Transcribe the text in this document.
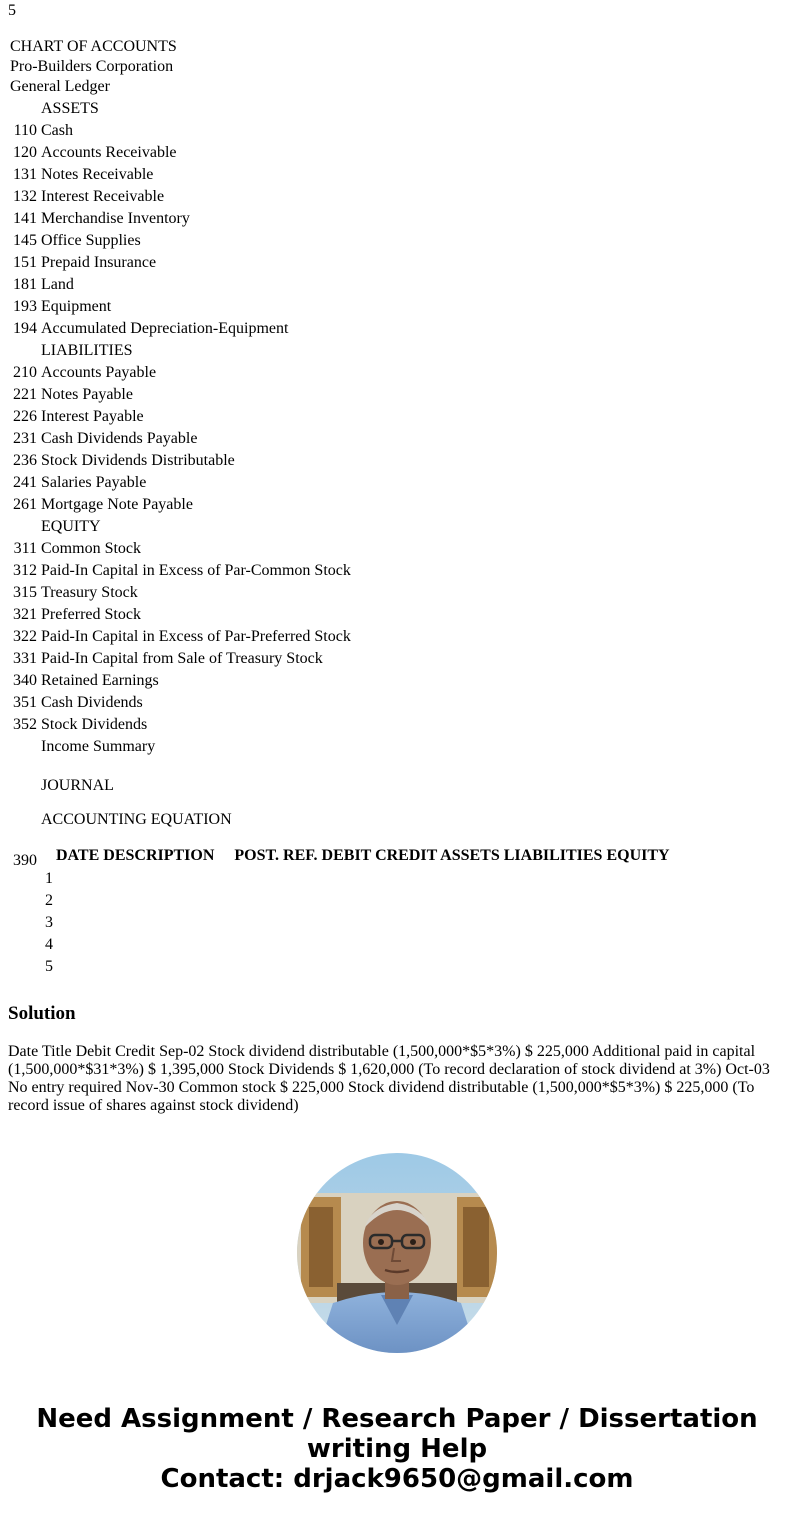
5
CHART OF ACCOUNTS
Pro-Builders Corporation
General Ledger
ASSETS
110 Cash
120 Accounts Receivable
131 Notes Receivable
132 Interest Receivable
141 Merchandise Inventory
145 Office Supplies
151 Prepaid Insurance
181 Land
193 Equipment
194 Accumulated Depreciation-Equipment
LIABILITIES
210 Accounts Payable
221 Notes Payable
226 Interest Payable
231 Cash Dividends Payable
236 Stock Dividends Distributable
241 Salaries Payable
261 Mortgage Note Payable
EQUITY
311 Common Stock
312 Paid-In Capital in Excess of Par-Common Stock
315 Treasury Stock
321 Preferred Stock
322 Paid-In Capital in Excess of Par-Preferred Stock
331 Paid-In Capital from Sale of Treasury Stock
340 Retained Earnings
351 Cash Dividends
352 Stock Dividends
Income Summary
JOURNAL
ACCOUNTING EQUATION
390 DATE DESCRIPTION POST. REF. DEBIT CREDIT ASSETS LIABILITIES EQUITY
1
2
3
4
5
Solution

Date Title Debit Credit Sep-02 Stock dividend distributable (1,500,000*$5*3%) $ 225,000 Additional paid in capital (1,500,000*$31*3%) $ 1,395,000 Stock Dividends $ 1,620,000 (To record declaration of stock dividend at 3%) Oct-03 No entry required Nov-30 Common stock $ 225,000 Stock dividend distributable (1,500,000*$5*3%) $ 225,000 (To record issue of shares against stock dividend)

Need Assignment / Research Paper / Dissertation
writing Help
Contact: drjack9650@gmail.com
